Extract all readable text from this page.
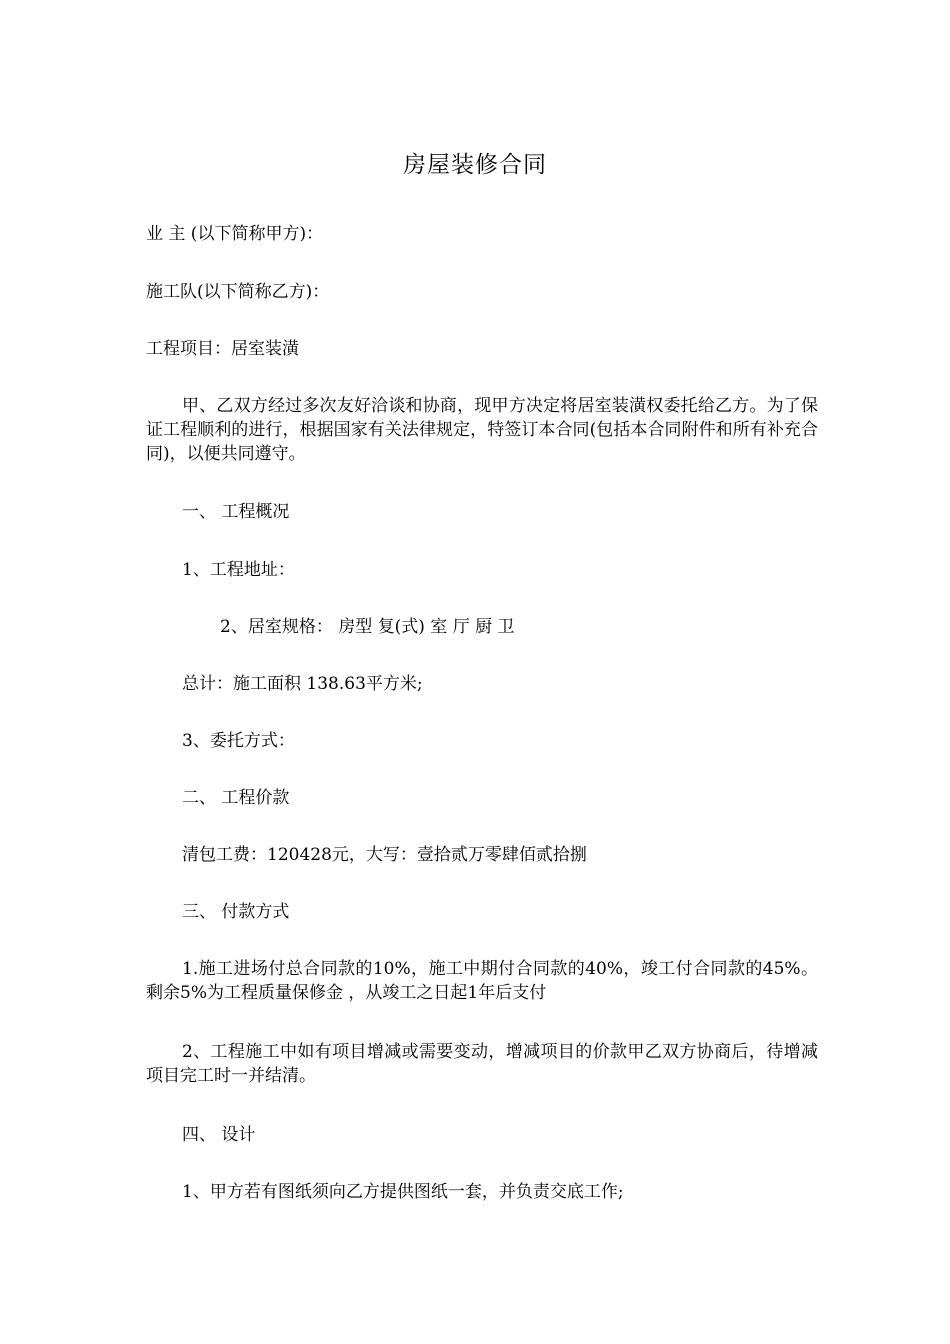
房屋装修合同
业 主 (以下简称甲方)：
施工队(以下简称乙方)：
工程项目：居室装潢
甲、乙双方经过多次友好洽谈和协商，现甲方决定将居室装潢权委托给乙方。为了保证工程顺利的进行，根据国家有关法律规定，特签订本合同(包括本合同附件和所有补充合同)，以便共同遵守。
一、 工程概况
1、工程地址：
2、居室规格： 房型 复(式) 室 厅 厨 卫
总计：施工面积 138.63平方米;
3、委托方式：
二、 工程价款
清包工费：120428元，大写：壹拾贰万零肆佰贰拾捌
三、 付款方式
1.施工进场付总合同款的10%，施工中期付合同款的40%，竣工付合同款的45%。剩余5%为工程质量保修金 ，从竣工之日起1年后支付
2、工程施工中如有项目增减或需要变动，增减项目的价款甲乙双方协商后，待增减项目完工时一并结清。
四、 设计
1、甲方若有图纸须向乙方提供图纸一套，并负责交底工作;
